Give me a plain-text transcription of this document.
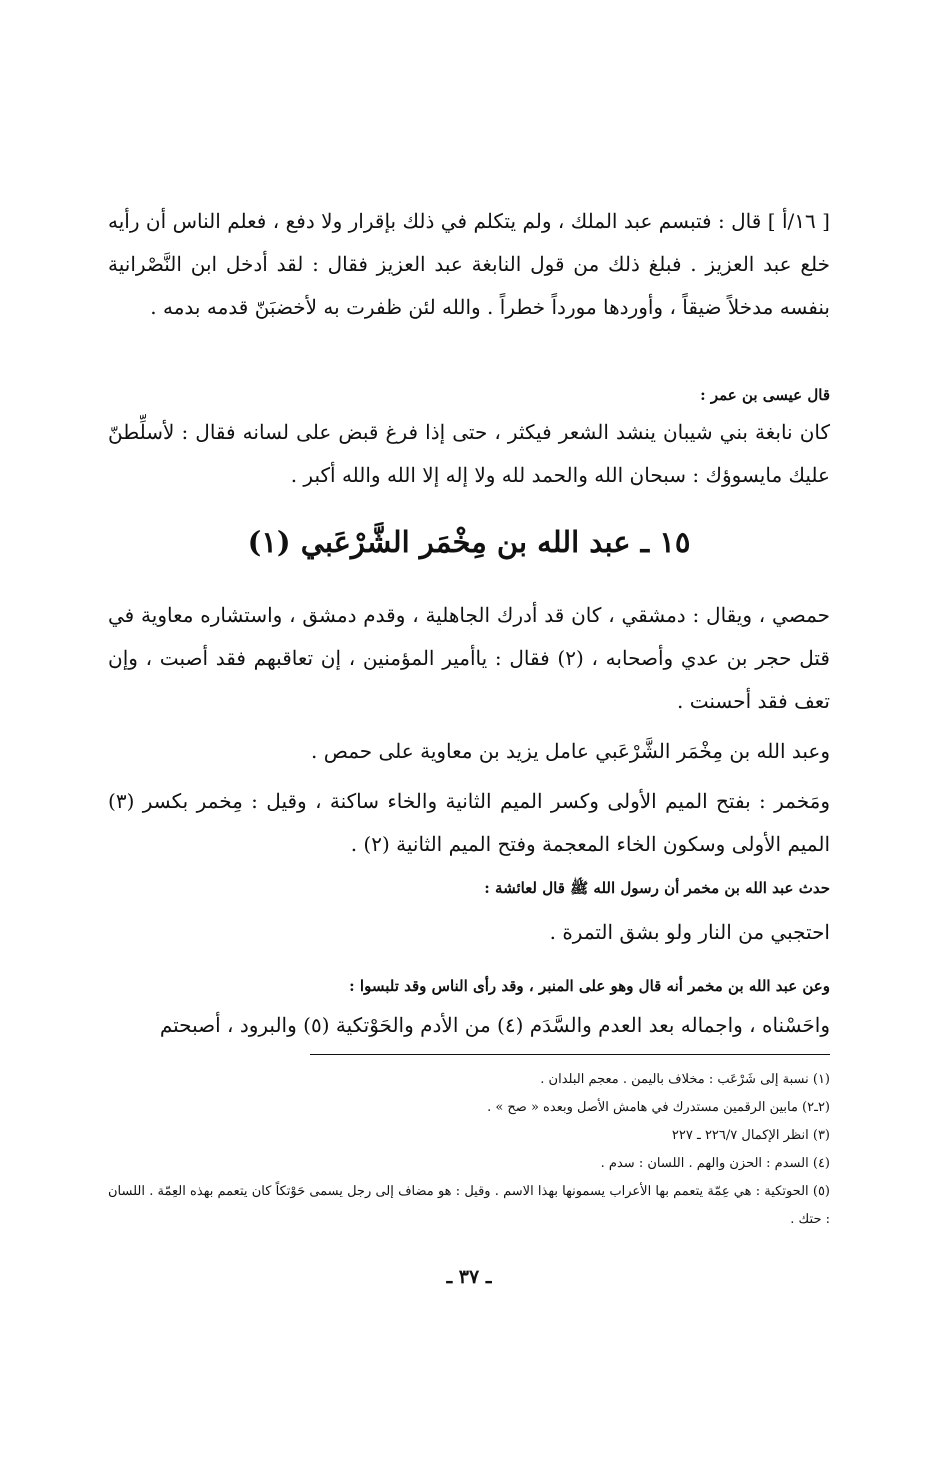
[ ١٦/أ ] قال : فتبسم عبد الملك ، ولم يتكلم في ذلك بإقرار ولا دفع ، فعلم الناس أن رأيه خلع عبد العزيز . فبلغ ذلك من قول النابغة عبد العزيز فقال : لقد أدخل ابن النَّصْرانية بنفسه مدخلاً ضيقاً ، وأوردها مورداً خطراً . والله لئن ظفرت به لأخضبَنّ قدمه بدمه .

قال عيسى بن عمر :

كان نابغة بني شيبان ينشد الشعر فيكثر ، حتى إذا فرغ قبض على لسانه فقال : لأسلِّطنّ عليك مايسوؤك : سبحان الله والحمد لله ولا إله إلا الله والله أكبر .

١٥ ـ عبد الله بن مِخْمَر الشَّرْعَبي (١)

حمصي ، ويقال : دمشقي ، كان قد أدرك الجاهلية ، وقدم دمشق ، واستشاره معاوية في قتل حجر بن عدي وأصحابه ، (٢) فقال : ياأمير المؤمنين ، إن تعاقبهم فقد أصبت ، وإن تعف فقد أحسنت .

وعبد الله بن مِخْمَر الشَّرْعَبي عامل يزيد بن معاوية على حمص .

ومَخمر : بفتح الميم الأولى وكسر الميم الثانية والخاء ساكنة ، وقيل : مِخمر بكسر (٣) الميم الأولى وسكون الخاء المعجمة وفتح الميم الثانية (٢) .

حدث عبد الله بن مخمر أن رسول الله ﷺ قال لعائشة :

احتجبي من النار ولو بشق التمرة .

وعن عبد الله بن مخمر أنه قال وهو على المنبر ، وقد رأى الناس وقد تلبسوا :

واحَسْناه ، واجماله بعد العدم والسَّدَم (٤) من الأدم والحَوْتكية (٥) والبرود ، أصبحتم

(١) نسبة إلى شَرْعَب : مخلاف باليمن . معجم البلدان .

(٢ـ٢) مابين الرقمين مستدرك في هامش الأصل وبعده « صح » .

(٣) انظر الإكمال ٢٢٦/٧ ـ ٢٢٧

(٤) السدم : الحزن والهم . اللسان : سدم .

(٥) الحوتكية : هي عِمّة يتعمم بها الأعراب يسمونها بهذا الاسم . وقيل : هو مضاف إلى رجل يسمى حَوْتكاً كان يتعمم بهذه العِمّة . اللسان : حتك .

ـ ٣٧ ـ
